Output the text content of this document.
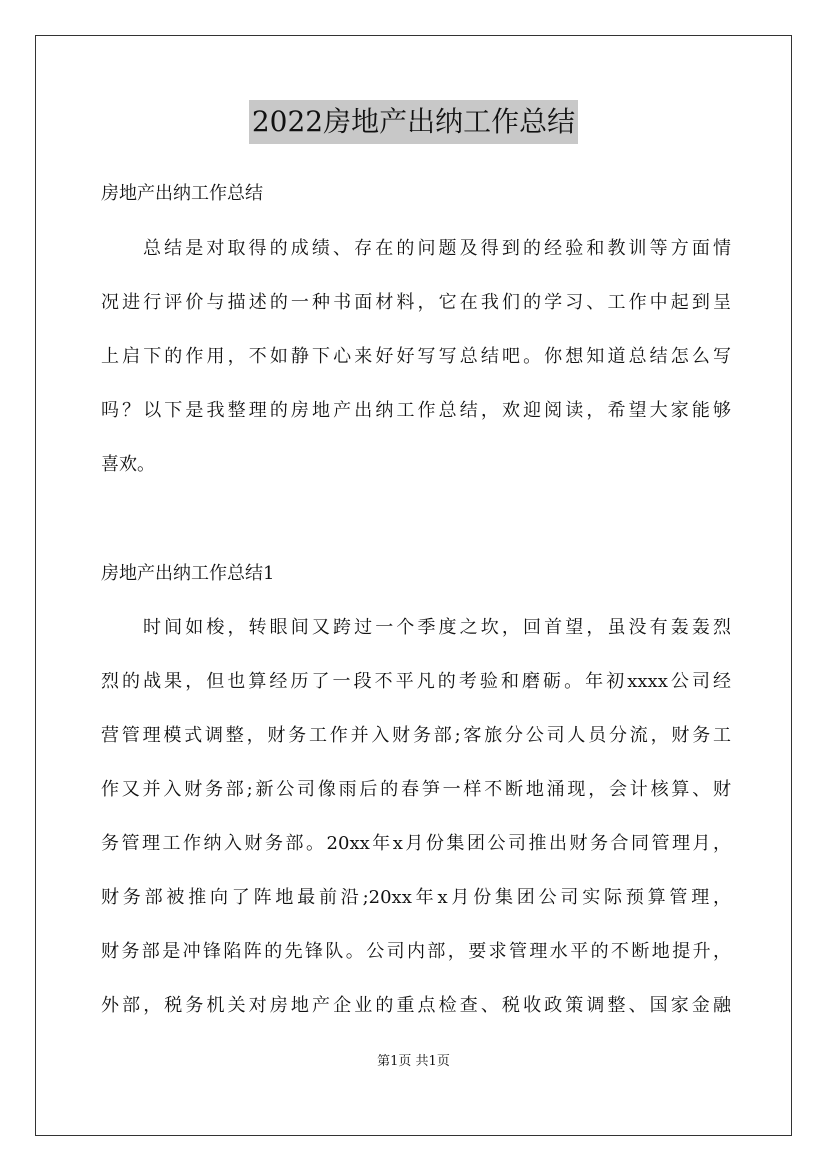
2022房地产出纳工作总结
房地产出纳工作总结
总结是对取得的成绩、存在的问题及得到的经验和教训等方面情
况进行评价与描述的一种书面材料，它在我们的学习、工作中起到呈
上启下的作用，不如静下心来好好写写总结吧。你想知道总结怎么写
吗？以下是我整理的房地产出纳工作总结，欢迎阅读，希望大家能够
喜欢。
房地产出纳工作总结1
时间如梭，转眼间又跨过一个季度之坎，回首望，虽没有轰轰烈
烈的战果，但也算经历了一段不平凡的考验和磨砺。年初xxxx公司经
营管理模式调整，财务工作并入财务部;客旅分公司人员分流，财务工
作又并入财务部;新公司像雨后的春笋一样不断地涌现，会计核算、财
务管理工作纳入财务部。20xx年x月份集团公司推出财务合同管理月，
财务部被推向了阵地最前沿;20xx年x月份集团公司实际预算管理，
财务部是冲锋陷阵的先锋队。公司内部，要求管理水平的不断地提升，
外部，税务机关对房地产企业的重点检查、税收政策调整、国家金融
第1页 共1页
